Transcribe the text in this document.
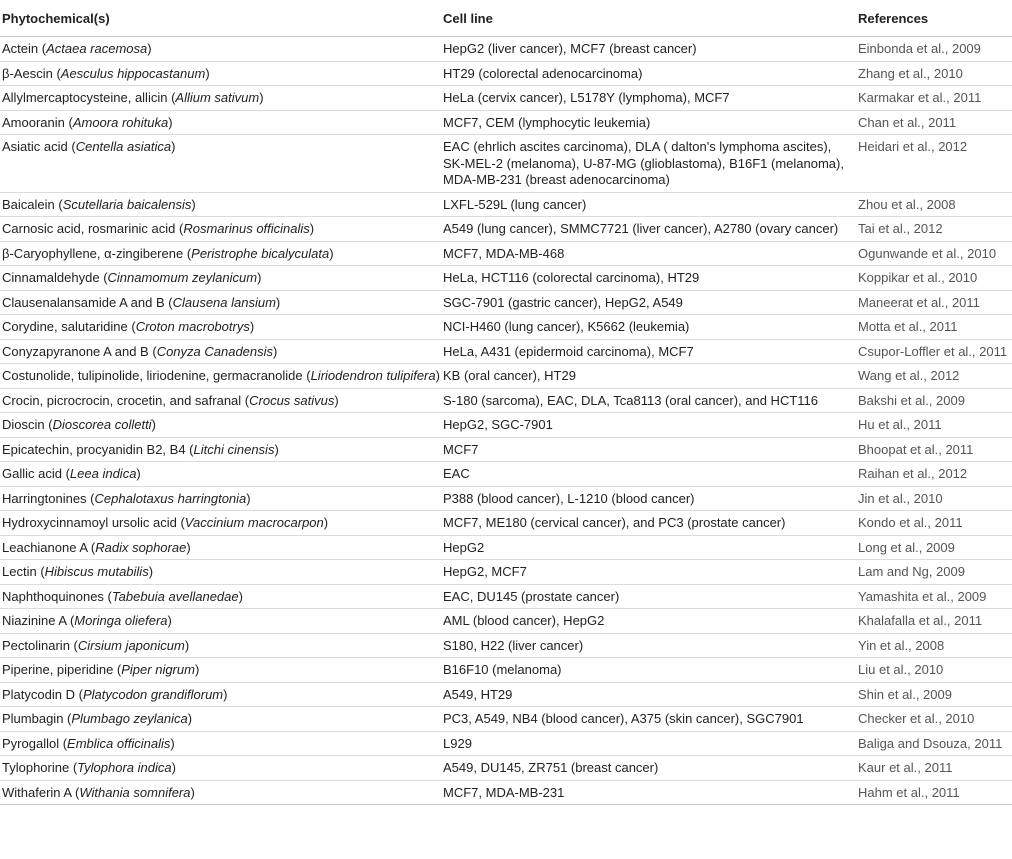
Phytochemical(s)	Cell line	References
Actein (Actaea racemosa)	HepG2 (liver cancer), MCF7 (breast cancer)	Einbonda et al., 2009
β-Aescin (Aesculus hippocastanum)	HT29 (colorectal adenocarcinoma)	Zhang et al., 2010
Allylmercaptocysteine, allicin (Allium sativum)	HeLa (cervix cancer), L5178Y (lymphoma), MCF7	Karmakar et al., 2011
Amooranin (Amoora rohituka)	MCF7, CEM (lymphocytic leukemia)	Chan et al., 2011
Asiatic acid (Centella asiatica)	EAC (ehrlich ascites carcinoma), DLA ( dalton's lymphoma ascites), SK-MEL-2 (melanoma), U-87-MG (glioblastoma), B16F1 (melanoma), MDA-MB-231 (breast adenocarcinoma)	Heidari et al., 2012
Baicalein (Scutellaria baicalensis)	LXFL-529L (lung cancer)	Zhou et al., 2008
Carnosic acid, rosmarinic acid (Rosmarinus officinalis)	A549 (lung cancer), SMMC7721 (liver cancer), A2780 (ovary cancer)	Tai et al., 2012
β-Caryophyllene, α-zingiberene (Peristrophe bicalyculata)	MCF7, MDA-MB-468	Ogunwande et al., 2010
Cinnamaldehyde (Cinnamomum zeylanicum)	HeLa, HCT116 (colorectal carcinoma), HT29	Koppikar et al., 2010
Clausenalansamide A and B (Clausena lansium)	SGC-7901 (gastric cancer), HepG2, A549	Maneerat et al., 2011
Corydine, salutaridine (Croton macrobotrys)	NCI-H460 (lung cancer), K5662 (leukemia)	Motta et al., 2011
Conyzapyranone A and B (Conyza Canadensis)	HeLa, A431 (epidermoid carcinoma), MCF7	Csupor-Loffler et al., 2011
Costunolide, tulipinolide, liriodenine, germacranolide (Liriodendron tulipifera)	KB (oral cancer), HT29	Wang et al., 2012
Crocin, picrocrocin, crocetin, and safranal (Crocus sativus)	S-180 (sarcoma), EAC, DLA, Tca8113 (oral cancer), and HCT116	Bakshi et al., 2009
Dioscin (Dioscorea colletti)	HepG2, SGC-7901	Hu et al., 2011
Epicatechin, procyanidin B2, B4 (Litchi cinensis)	MCF7	Bhoopat et al., 2011
Gallic acid (Leea indica)	EAC	Raihan et al., 2012
Harringtonines (Cephalotaxus harringtonia)	P388 (blood cancer), L-1210 (blood cancer)	Jin et al., 2010
Hydroxycinnamoyl ursolic acid (Vaccinium macrocarpon)	MCF7, ME180 (cervical cancer), and PC3 (prostate cancer)	Kondo et al., 2011
Leachianone A (Radix sophorae)	HepG2	Long et al., 2009
Lectin (Hibiscus mutabilis)	HepG2, MCF7	Lam and Ng, 2009
Naphthoquinones (Tabebuia avellanedae)	EAC, DU145 (prostate cancer)	Yamashita et al., 2009
Niazinine A (Moringa oliefera)	AML (blood cancer), HepG2	Khalafalla et al., 2011
Pectolinarin (Cirsium japonicum)	S180, H22 (liver cancer)	Yin et al., 2008
Piperine, piperidine (Piper nigrum)	B16F10 (melanoma)	Liu et al., 2010
Platycodin D (Platycodon grandiflorum)	A549, HT29	Shin et al., 2009
Plumbagin (Plumbago zeylanica)	PC3, A549, NB4 (blood cancer), A375 (skin cancer), SGC7901	Checker et al., 2010
Pyrogallol (Emblica officinalis)	L929	Baliga and Dsouza, 2011
Tylophorine (Tylophora indica)	A549, DU145, ZR751 (breast cancer)	Kaur et al., 2011
Withaferin A (Withania somnifera)	MCF7, MDA-MB-231	Hahm et al., 2011
